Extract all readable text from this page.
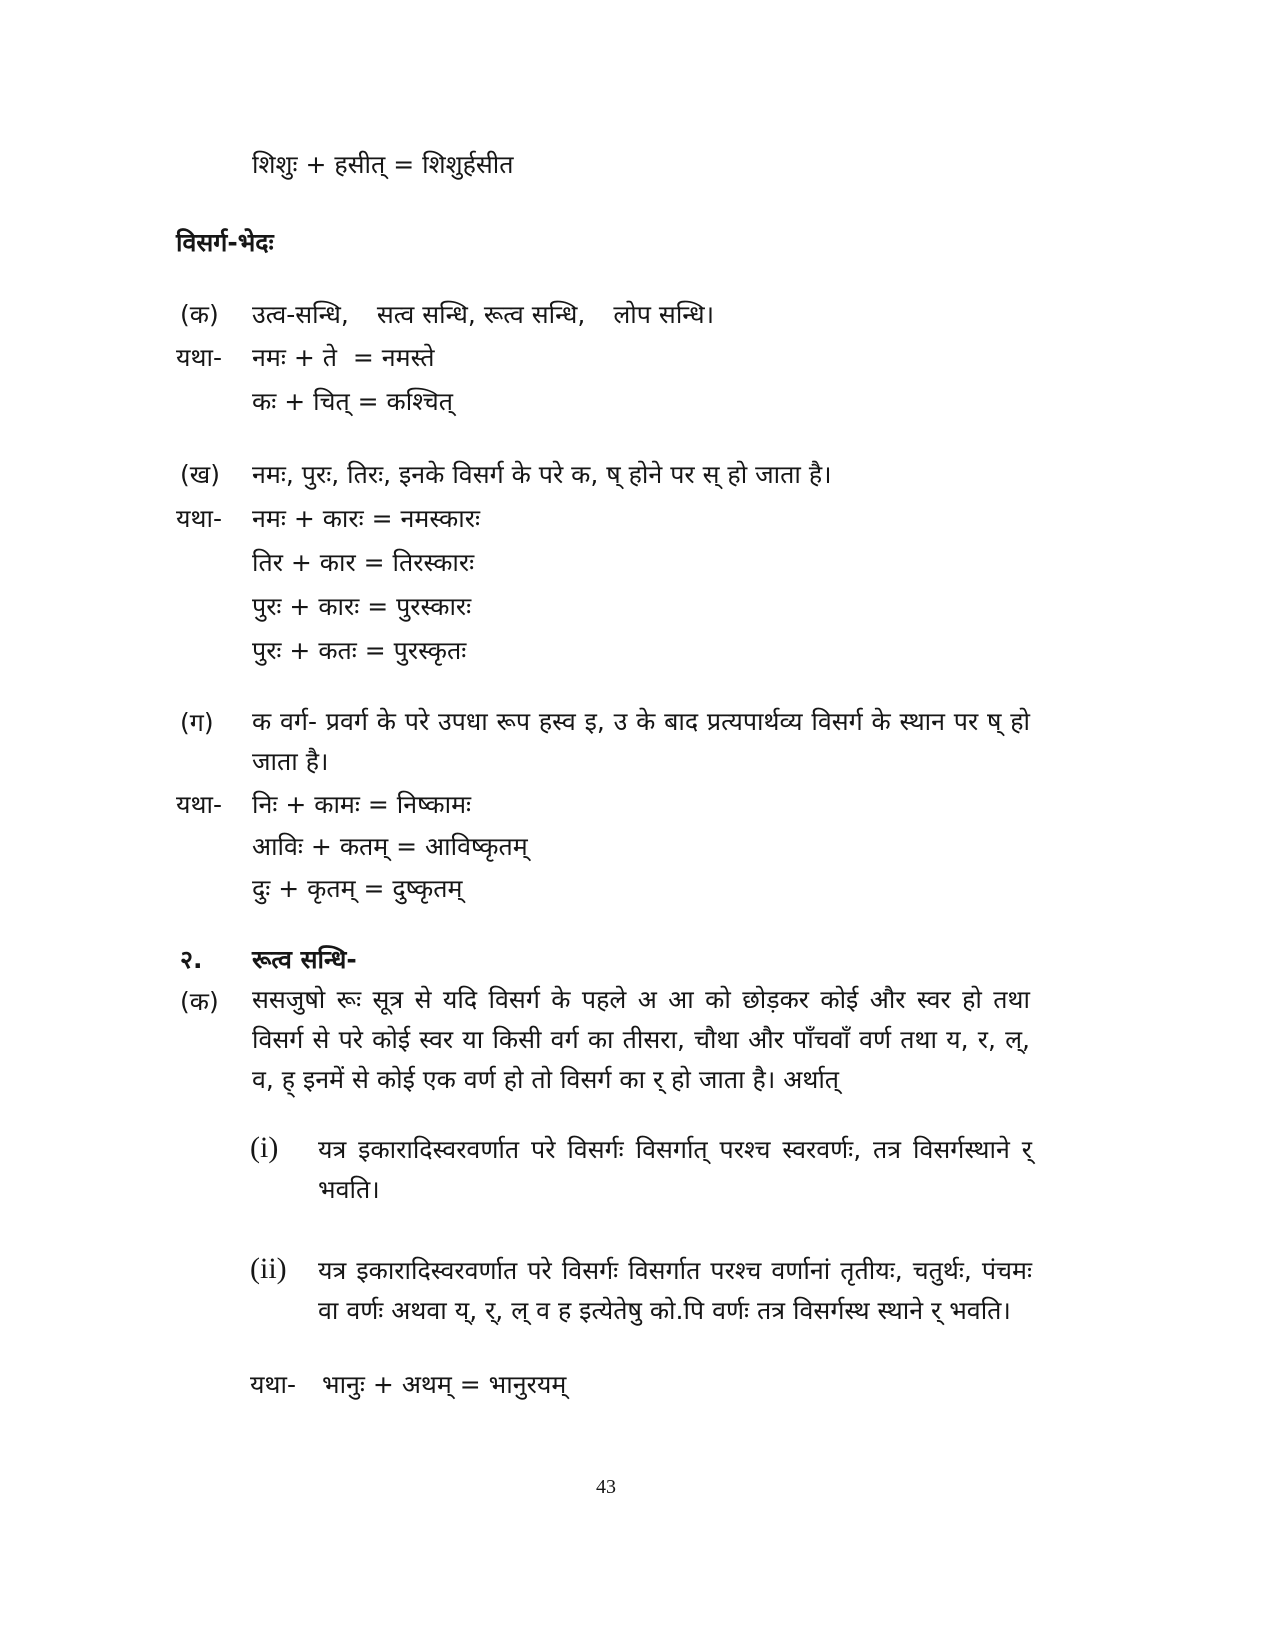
शिशुः + हसीत् = शिशुर्हसीत
विसर्ग-भेदः
(क) उत्व-सन्धि, सत्व सन्धि, रूत्व सन्धि, लोप सन्धि।
यथा- नमः + ते  = नमस्ते
कः + चित् = कश्चित्
(ख) नमः, पुरः, तिरः, इनके विसर्ग के परे क, ष् होने पर स् हो जाता है।
यथा- नमः + कारः = नमस्कारः
तिर + कार = तिरस्कारः
पुरः + कारः = पुरस्कारः
पुरः + कतः = पुरस्कृतः
(ग) क वर्ग- प्रवर्ग के परे उपधा रूप हस्व इ, उ के बाद प्रत्यपार्थव्य विसर्ग के स्थान पर ष् हो जाता है।
यथा- निः + कामः = निष्कामः
आविः + कतम् = आविष्कृतम्
दुः + कृतम् = दुष्कृतम्
२. रूत्व सन्धि-
(क) ससजुषो रूः सूत्र से यदि विसर्ग के पहले अ आ को छोड़कर कोई और स्वर हो तथा विसर्ग से परे कोई स्वर या किसी वर्ग का तीसरा, चौथा और पाँचवाँ वर्ण तथा य, र, ल्, व, ह् इनमें से कोई एक वर्ण हो तो विसर्ग का र् हो जाता है। अर्थात्
(i) यत्र इकारादिस्वरवर्णात परे विसर्गः विसर्गात् परश्च स्वरवर्णः, तत्र विसर्गस्थाने र् भवति।
(ii) यत्र इकारादिस्वरवर्णात परे विसर्गः विसर्गात परश्च वर्णानां तृतीयः, चतुर्थः, पंचमः वा वर्णः अथवा य्, र्, ल् व ह इत्येतेषु को.पि वर्णः तत्र विसर्गस्थ स्थाने र् भवति।
यथा- भानुः + अथम् = भानुरयम्
43
